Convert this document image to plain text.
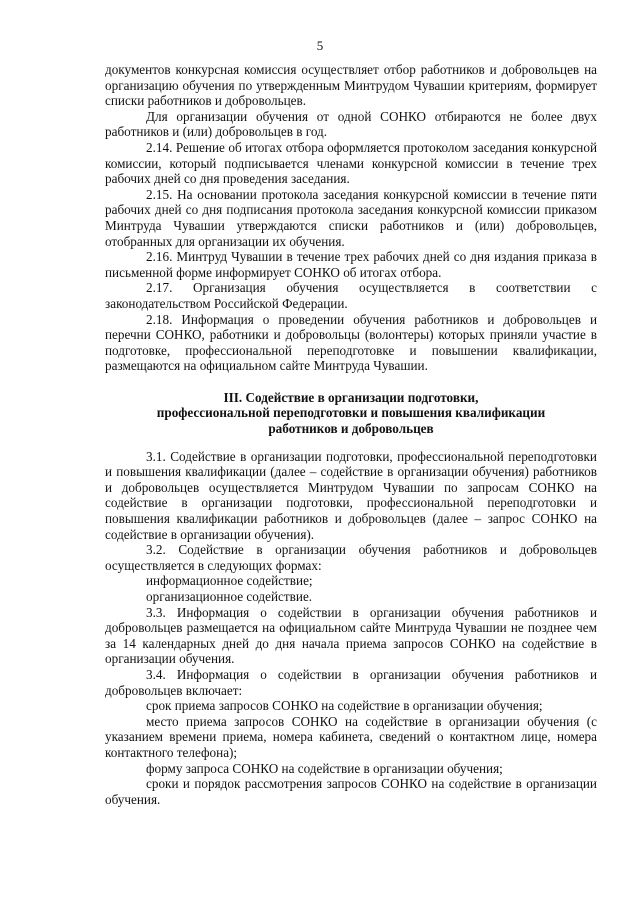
5

документов конкурсная комиссия осуществляет отбор работников и добровольцев на организацию обучения по утвержденным Минтрудом Чувашии критериям, формирует списки работников и добровольцев.

Для организации обучения от одной СОНКО отбираются не более двух работников и (или) добровольцев в год.

2.14. Решение об итогах отбора оформляется протоколом заседания конкурсной комиссии, который подписывается членами конкурсной комиссии в течение трех рабочих дней со дня проведения заседания.

2.15. На основании протокола заседания конкурсной комиссии в течение пяти рабочих дней со дня подписания протокола заседания конкурсной комиссии приказом Минтруда Чувашии утверждаются списки работников и (или) добровольцев, отобранных для организации их обучения.

2.16. Минтруд Чувашии в течение трех рабочих дней со дня издания приказа в письменной форме информирует СОНКО об итогах отбора.

2.17. Организация обучения осуществляется в соответствии с законодательством Российской Федерации.

2.18. Информация о проведении обучения работников и добровольцев и перечни СОНКО, работники и добровольцы (волонтеры) которых приняли участие в подготовке, профессиональной переподготовке и повышении квалификации, размещаются на официальном сайте Минтруда Чувашии.

III. Содействие в организации подготовки,
профессиональной переподготовки и повышения квалификации
работников и добровольцев

3.1. Содействие в организации подготовки, профессиональной переподготовки и повышения квалификации (далее – содействие в организации обучения) работников и добровольцев осуществляется Минтрудом Чувашии по запросам СОНКО на содействие в организации подготовки, профессиональной переподготовки и повышения квалификации работников и добровольцев (далее – запрос СОНКО на содействие в организации обучения).

3.2. Содействие в организации обучения работников и добровольцев осуществляется в следующих формах:

информационное содействие;

организационное содействие.

3.3. Информация о содействии в организации обучения работников и добровольцев размещается на официальном сайте Минтруда Чувашии не позднее чем за 14 календарных дней до дня начала приема запросов СОНКО на содействие в организации обучения.

3.4. Информация о содействии в организации обучения работников и добровольцев включает:

срок приема запросов СОНКО на содействие в организации обучения;

место приема запросов СОНКО на содействие в организации обучения (с указанием времени приема, номера кабинета, сведений о контактном лице, номера контактного телефона);

форму запроса СОНКО на содействие в организации обучения;

сроки и порядок рассмотрения запросов СОНКО на содействие в организации обучения.
